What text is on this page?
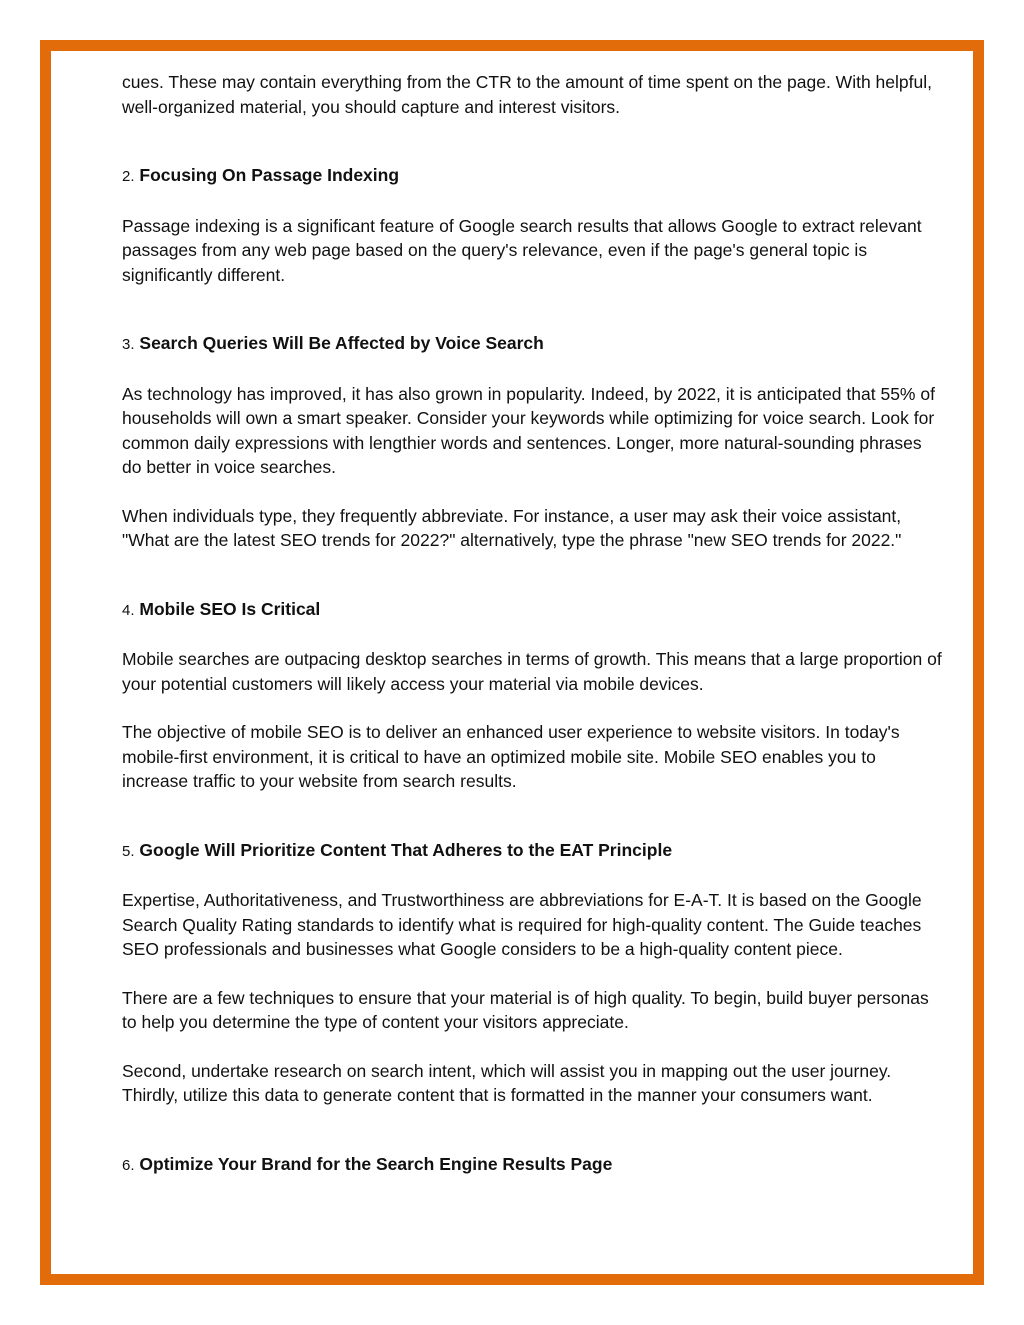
cues. These may contain everything from the CTR to the amount of time spent on the page. With helpful, well-organized material, you should capture and interest visitors.

2. Focusing On Passage Indexing

Passage indexing is a significant feature of Google search results that allows Google to extract relevant passages from any web page based on the query's relevance, even if the page's general topic is significantly different.

3. Search Queries Will Be Affected by Voice Search

As technology has improved, it has also grown in popularity. Indeed, by 2022, it is anticipated that 55% of households will own a smart speaker. Consider your keywords while optimizing for voice search. Look for common daily expressions with lengthier words and sentences. Longer, more natural-sounding phrases do better in voice searches.

When individuals type, they frequently abbreviate. For instance, a user may ask their voice assistant, "What are the latest SEO trends for 2022?" alternatively, type the phrase "new SEO trends for 2022."

4. Mobile SEO Is Critical

Mobile searches are outpacing desktop searches in terms of growth. This means that a large proportion of your potential customers will likely access your material via mobile devices.

The objective of mobile SEO is to deliver an enhanced user experience to website visitors. In today's mobile-first environment, it is critical to have an optimized mobile site. Mobile SEO enables you to increase traffic to your website from search results.

5. Google Will Prioritize Content That Adheres to the EAT Principle

Expertise, Authoritativeness, and Trustworthiness are abbreviations for E-A-T. It is based on the Google Search Quality Rating standards to identify what is required for high-quality content. The Guide teaches SEO professionals and businesses what Google considers to be a high-quality content piece.

There are a few techniques to ensure that your material is of high quality. To begin, build buyer personas to help you determine the type of content your visitors appreciate.

Second, undertake research on search intent, which will assist you in mapping out the user journey. Thirdly, utilize this data to generate content that is formatted in the manner your consumers want.

6. Optimize Your Brand for the Search Engine Results Page
